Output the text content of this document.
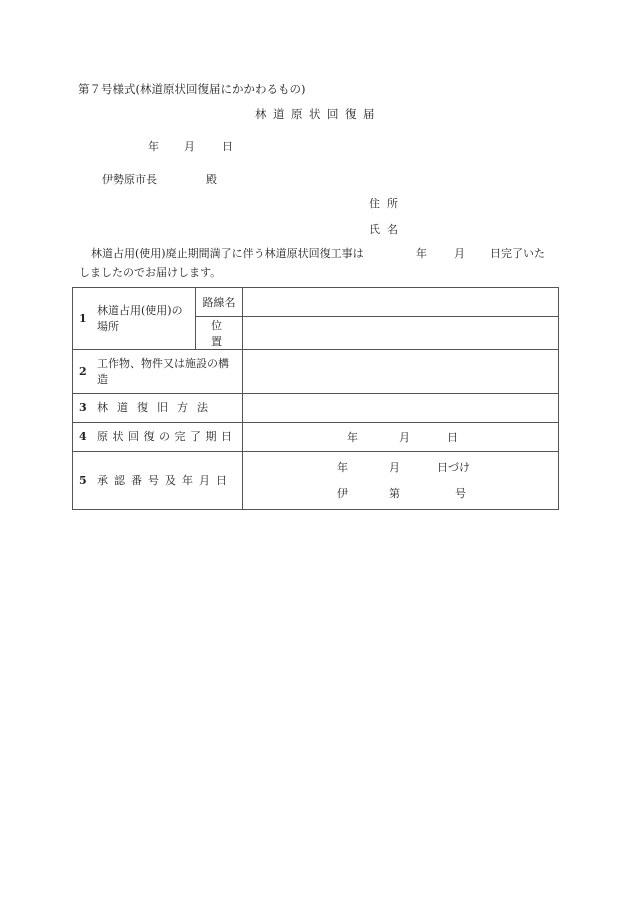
第７号様式(林道原状回復届にかかわるもの)
林道原状回復届
年 月 日
伊勢原市長	殿
住所
氏名
林道占用(使用)廃止期間満了に伴う林道原状回復工事は	年 月 日完了いた
しましたのでお届けします。
1林道占用(使用)の
場所	路線名	
	位置	
2工作物、物件又は施設の構
造		
3 林道復旧方法		
4 原状回復の完了期日		年 月 日
5 承認番号及年月日		年 月 日づけ
伊 第 号
